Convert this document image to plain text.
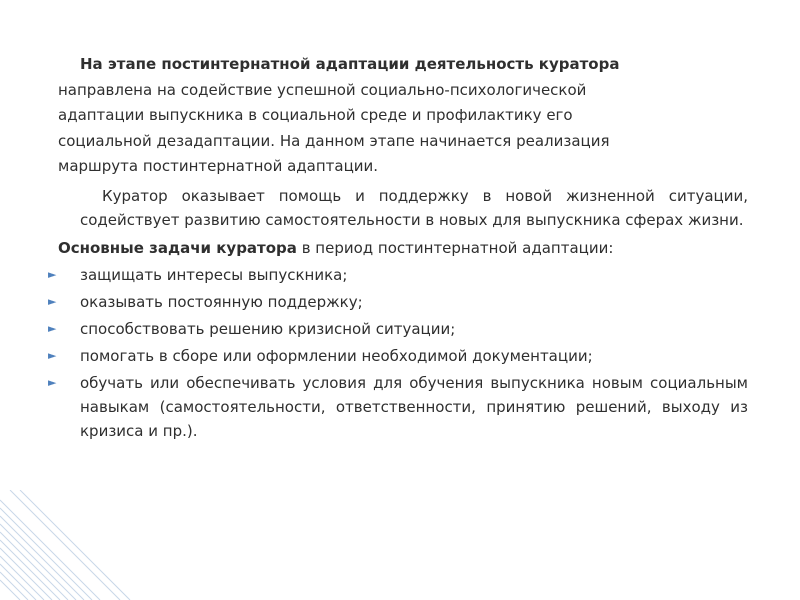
На этапе постинтернатной адаптации деятельность куратора

направлена на содействие успешной социально-психологической

адаптации выпускника в социальной среде и профилактику его

социальной дезадаптации. На данном этапе начинается реализация

маршрута постинтернатной адаптации.

Куратор оказывает помощь и поддержку в новой жизненной ситуации, содействует развитию самостоятельности в новых для выпускника сферах жизни.

Основные задачи куратора в период постинтернатной адаптации:

► защищать интересы выпускника;
► оказывать постоянную поддержку;
► способствовать решению кризисной ситуации;
► помогать в сборе или оформлении необходимой документации;
► обучать или обеспечивать условия для обучения выпускника новым социальным навыкам (самостоятельности, ответственности, принятию решений, выходу из кризиса и пр.).
